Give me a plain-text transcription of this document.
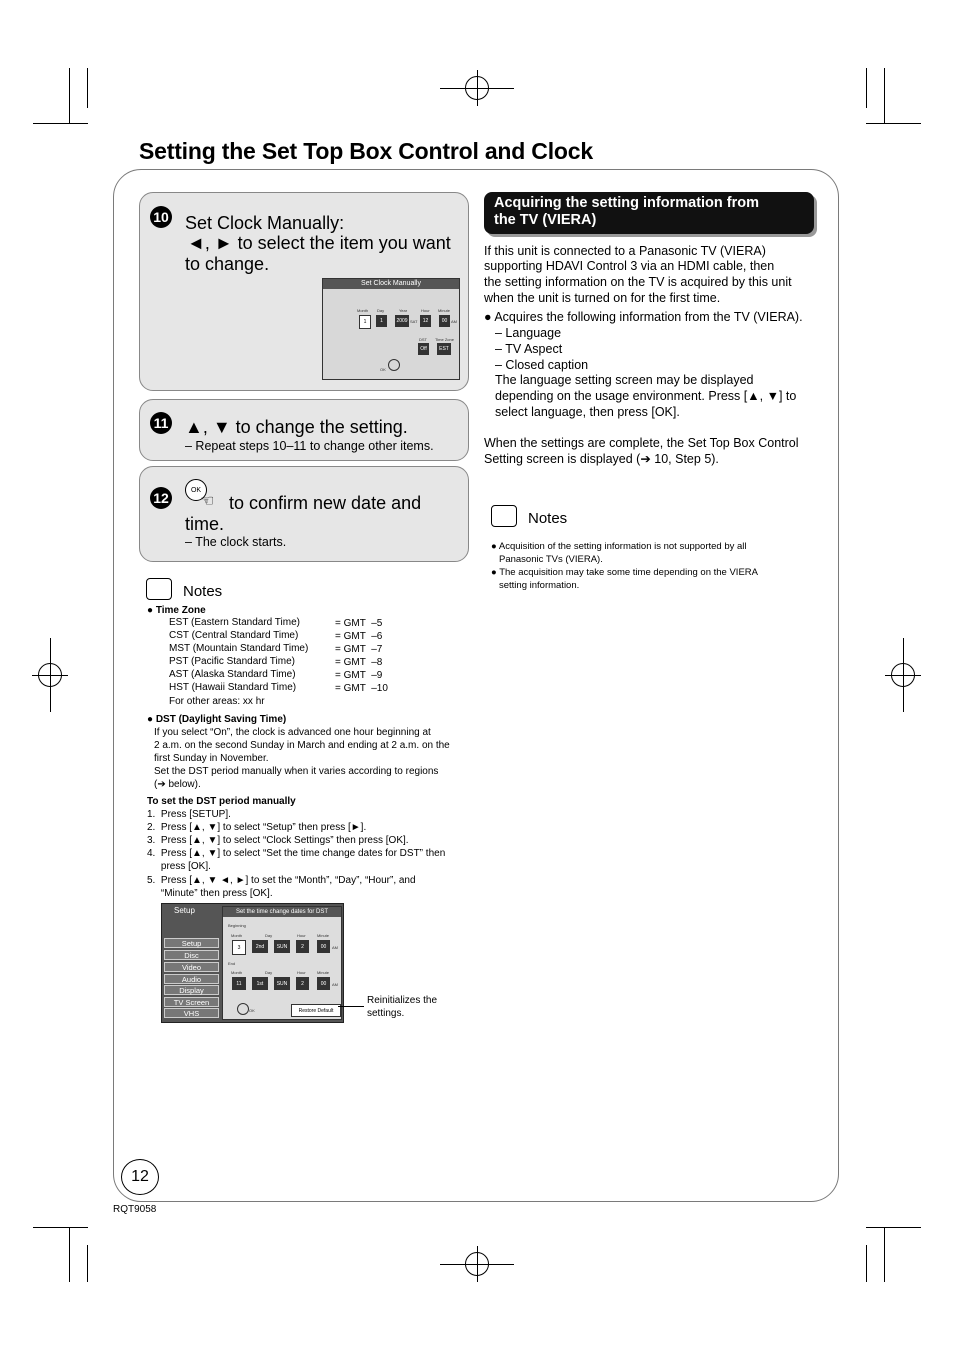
Setting the Set Top Box Control and Clock
10 Set Clock Manually:
◄, ► to select the item you want
to change.
Set Clock Manually
Month Day	Year	Hour Minute
1	1	2009 SAT	12	00 AM
DST Time Zone
Off	EST
OK
11 ▲, ▼ to change the setting.
– Repeat steps 10–11 to change other items.
12	OK
☜ to confirm new date and
time.
– The clock starts.
Notes
● Time Zone
EST (Eastern Standard Time)	= GMT  –5
CST (Central Standard Time)	= GMT  –6
MST (Mountain Standard Time)	= GMT  –7
PST (Pacific Standard Time)	= GMT  –8
AST (Alaska Standard Time)	= GMT  –9
HST (Hawaii Standard Time)	= GMT  –10
For other areas: xx hr
● DST (Daylight Saving Time)
If you select “On”, the clock is advanced one hour beginning at
2 a.m. on the second Sunday in March and ending at 2 a.m. on the
first Sunday in November.
Set the DST period manually when it varies according to regions
(➔ below).
To set the DST period manually
1.  Press [SETUP].
2.  Press [▲, ▼] to select “Setup” then press [►].
3.  Press [▲, ▼] to select “Clock Settings” then press [OK].
4.  Press [▲, ▼] to select “Set the time change dates for DST” then
press [OK].
5.  Press [▲, ▼ ◄, ►] to set the “Month”, “Day”, “Hour”, and
“Minute” then press [OK].
Setup	Set the time change dates for DST
Beginning
Month	Day	Hour	Minute
3	2nd	SUN	2	00	AM
End
Month	Day	Hour	Minute
11	1st	SUN	2	00	AM
OK	Restore Default
Setup
Disc
Video
Audio
Display
TV Screen
VHS
Reinitializes the
settings.
Acquiring the setting information from
the TV (VIERA)
If this unit is connected to a Panasonic TV (VIERA)
supporting HDAVI Control 3 via an HDMI cable, then
the setting information on the TV is acquired by this unit
when the unit is turned on for the first time.
● Acquires the following information from the TV (VIERA).
– Language
– TV Aspect
– Closed caption
The language setting screen may be displayed
depending on the usage environment. Press [▲, ▼] to
select language, then press [OK].
When the settings are complete, the Set Top Box Control
Setting screen is displayed (➔ 10, Step 5).
Notes
● Acquisition of the setting information is not supported by all
Panasonic TVs (VIERA).
● The acquisition may take some time depending on the VIERA
setting information.
12
RQT9058
